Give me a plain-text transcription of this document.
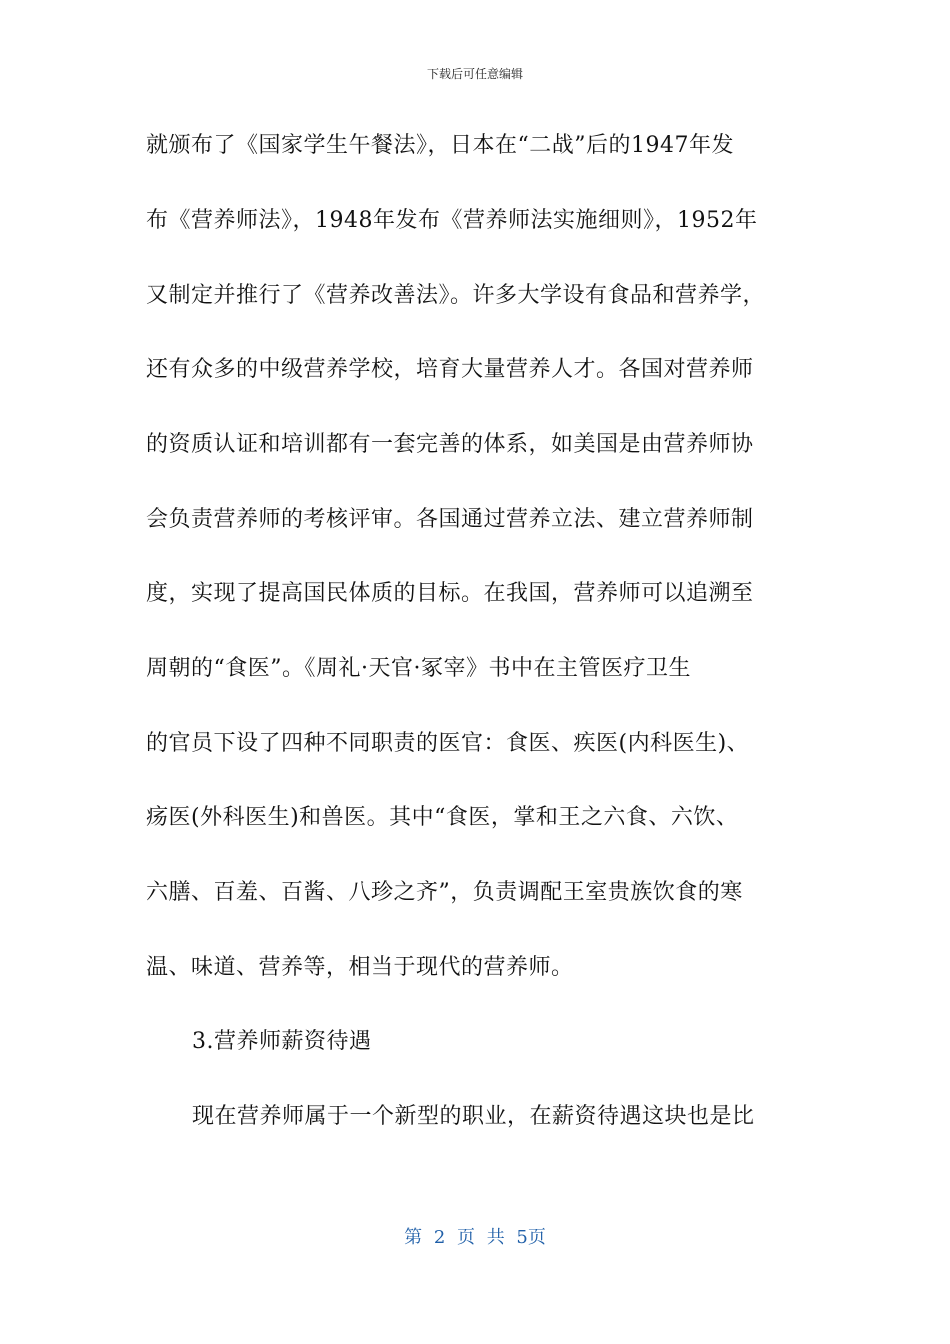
下载后可任意编辑
就颁布了《国家学生午餐法》，日本在“二战”后的1947年发
布《营养师法》，1948年发布《营养师法实施细则》，1952年
又制定并推行了《营养改善法》。许多大学设有食品和营养学，
还有众多的中级营养学校，培育大量营养人才。各国对营养师
的资质认证和培训都有一套完善的体系，如美国是由营养师协
会负责营养师的考核评审。各国通过营养立法、建立营养师制
度，实现了提高国民体质的目标。在我国，营养师可以追溯至
周朝的“食医”。《周礼·天官·冢宰》书中在主管医疗卫生
的官员下设了四种不同职责的医官：食医、疾医(内科医生)、
疡医(外科医生)和兽医。其中“食医，掌和王之六食、六饮、
六膳、百羞、百酱、八珍之齐”，负责调配王室贵族饮食的寒
温、味道、营养等，相当于现代的营养师。
3.营养师薪资待遇
现在营养师属于一个新型的职业，在薪资待遇这块也是比
第 2 页 共 5页
